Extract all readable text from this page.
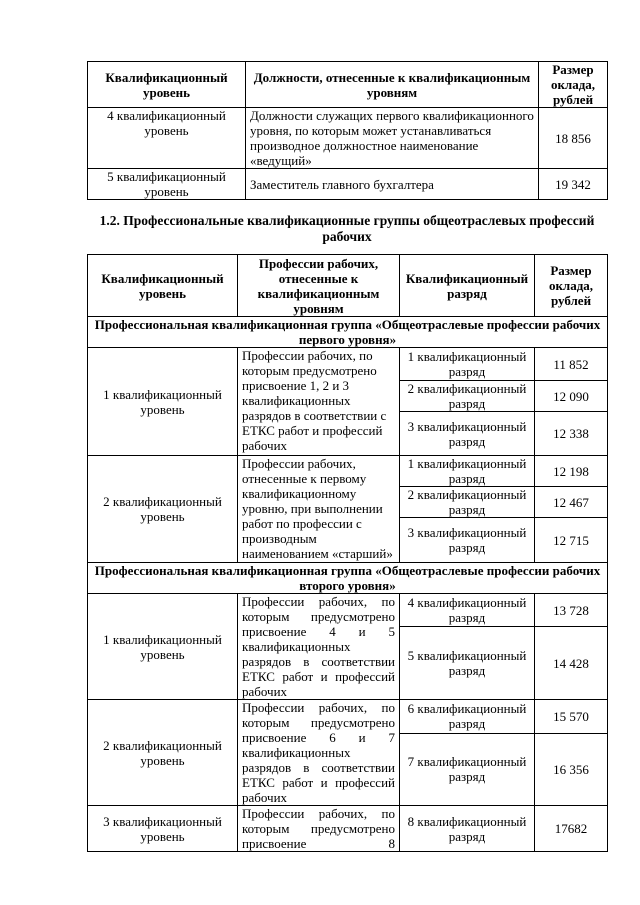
Квалификационный уровень	Должности, отнесенные к квалификационным уровням	Размер оклада, рублей
4 квалификационный уровень	Должности служащих первого квалификационного уровня, по которым может устанавливаться производное должностное наименование «ведущий»	18 856
5 квалификационный уровень	Заместитель главного бухгалтера	19 342
1.2. Профессиональные квалификационные группы общеотраслевых профессий рабочих
Квалификационный уровень	Профессии рабочих, отнесенные к квалификационным уровням	Квалификационный разряд	Размер оклада, рублей
Профессиональная квалификационная группа «Общеотраслевые профессии рабочих первого уровня»			
1 квалификационный уровень	Профессии рабочих, по которым предусмотрено присвоение 1, 2 и 3 квалификационных разрядов в соответствии с ЕТКС работ и профессий рабочих	1 квалификационный разряд	11 852
		2 квалификационный разряд	12 090
		3 квалификационный разряд	12 338
2 квалификационный уровень	Профессии рабочих, отнесенные к первому квалификационному уровню, при выполнении работ по профессии с производным наименованием «старший»	1 квалификационный разряд	12 198
		2 квалификационный разряд	12 467
		3 квалификационный разряд	12 715
Профессиональная квалификационная группа «Общеотраслевые профессии рабочих второго уровня»			
1 квалификационный уровень	Профессии рабочих, по которым предусмотрено присвоение 4 и 5 квалификационных разрядов в соответствии ЕТКС работ и профессий рабочих	4 квалификационный разряд	13 728
		5 квалификационный разряд	14 428
2 квалификационный уровень	Профессии рабочих, по которым предусмотрено присвоение 6 и 7 квалификационных разрядов в соответствии ЕТКС работ и профессий рабочих	6 квалификационный разряд	15 570
		7 квалификационный разряд	16 356
3 квалификационный уровень	Профессии рабочих, по которым предусмотрено присвоение 8	8 квалификационный разряд	17682
